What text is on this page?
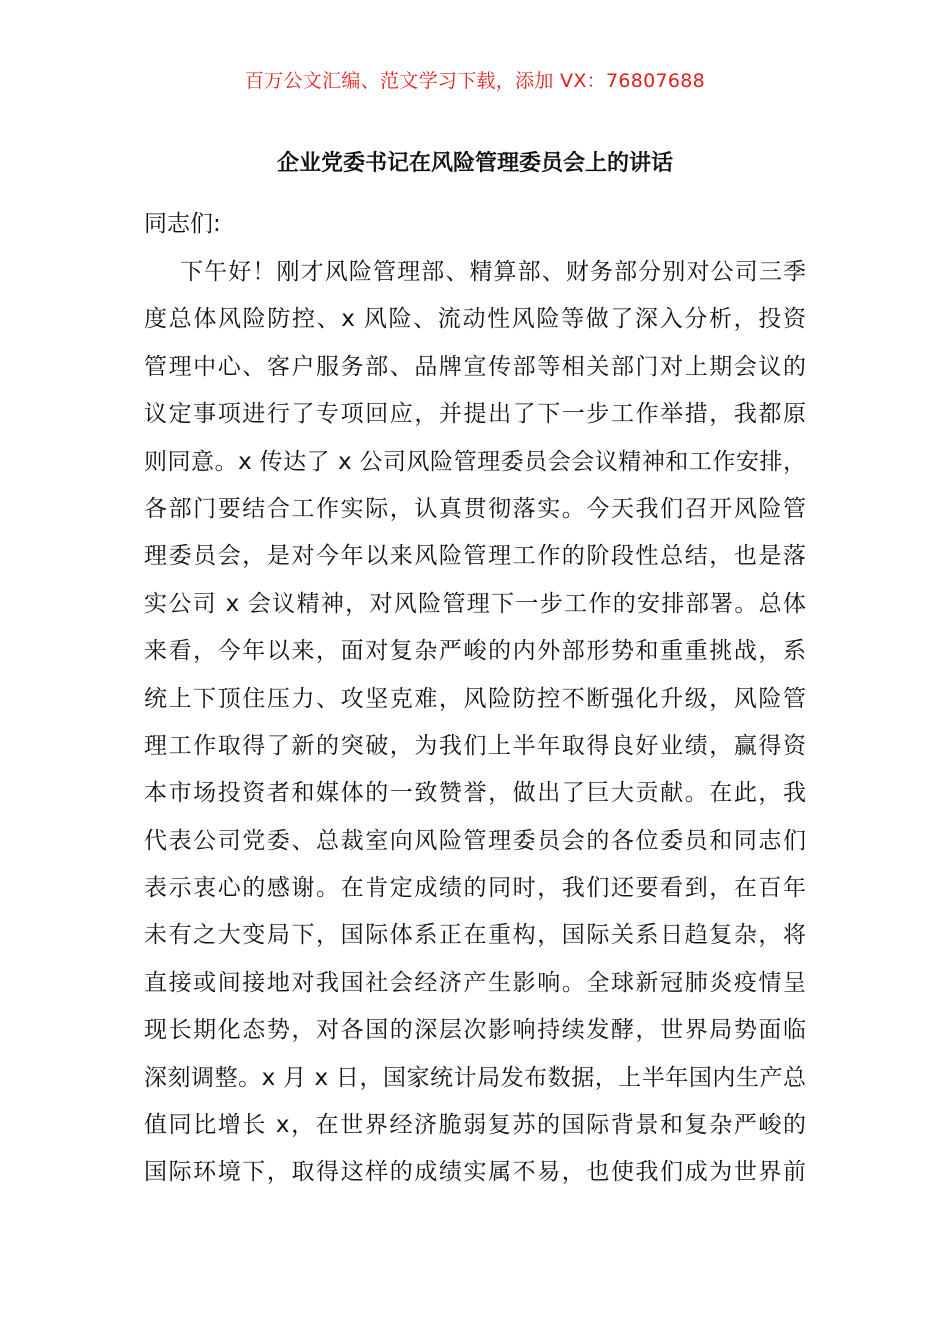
百万公文汇编、范文学习下载，添加 VX：76807688
企业党委书记在风险管理委员会上的讲话
同志们:
下午好！刚才风险管理部、精算部、财务部分别对公司三季
度总体风险防控、x 风险、流动性风险等做了深入分析，投资
管理中心、客户服务部、品牌宣传部等相关部门对上期会议的
议定事项进行了专项回应，并提出了下一步工作举措，我都原
则同意。x 传达了 x 公司风险管理委员会会议精神和工作安排，
各部门要结合工作实际，认真贯彻落实。今天我们召开风险管
理委员会，是对今年以来风险管理工作的阶段性总结，也是落
实公司 x 会议精神，对风险管理下一步工作的安排部署。总体
来看，今年以来，面对复杂严峻的内外部形势和重重挑战，系
统上下顶住压力、攻坚克难，风险防控不断强化升级，风险管
理工作取得了新的突破，为我们上半年取得良好业绩，赢得资
本市场投资者和媒体的一致赞誉，做出了巨大贡献。在此，我
代表公司党委、总裁室向风险管理委员会的各位委员和同志们
表示衷心的感谢。在肯定成绩的同时，我们还要看到，在百年
未有之大变局下，国际体系正在重构，国际关系日趋复杂，将
直接或间接地对我国社会经济产生影响。全球新冠肺炎疫情呈
现长期化态势，对各国的深层次影响持续发酵，世界局势面临
深刻调整。x 月 x 日，国家统计局发布数据，上半年国内生产总
值同比增长 x，在世界经济脆弱复苏的国际背景和复杂严峻的
国际环境下，取得这样的成绩实属不易，也使我们成为世界前
